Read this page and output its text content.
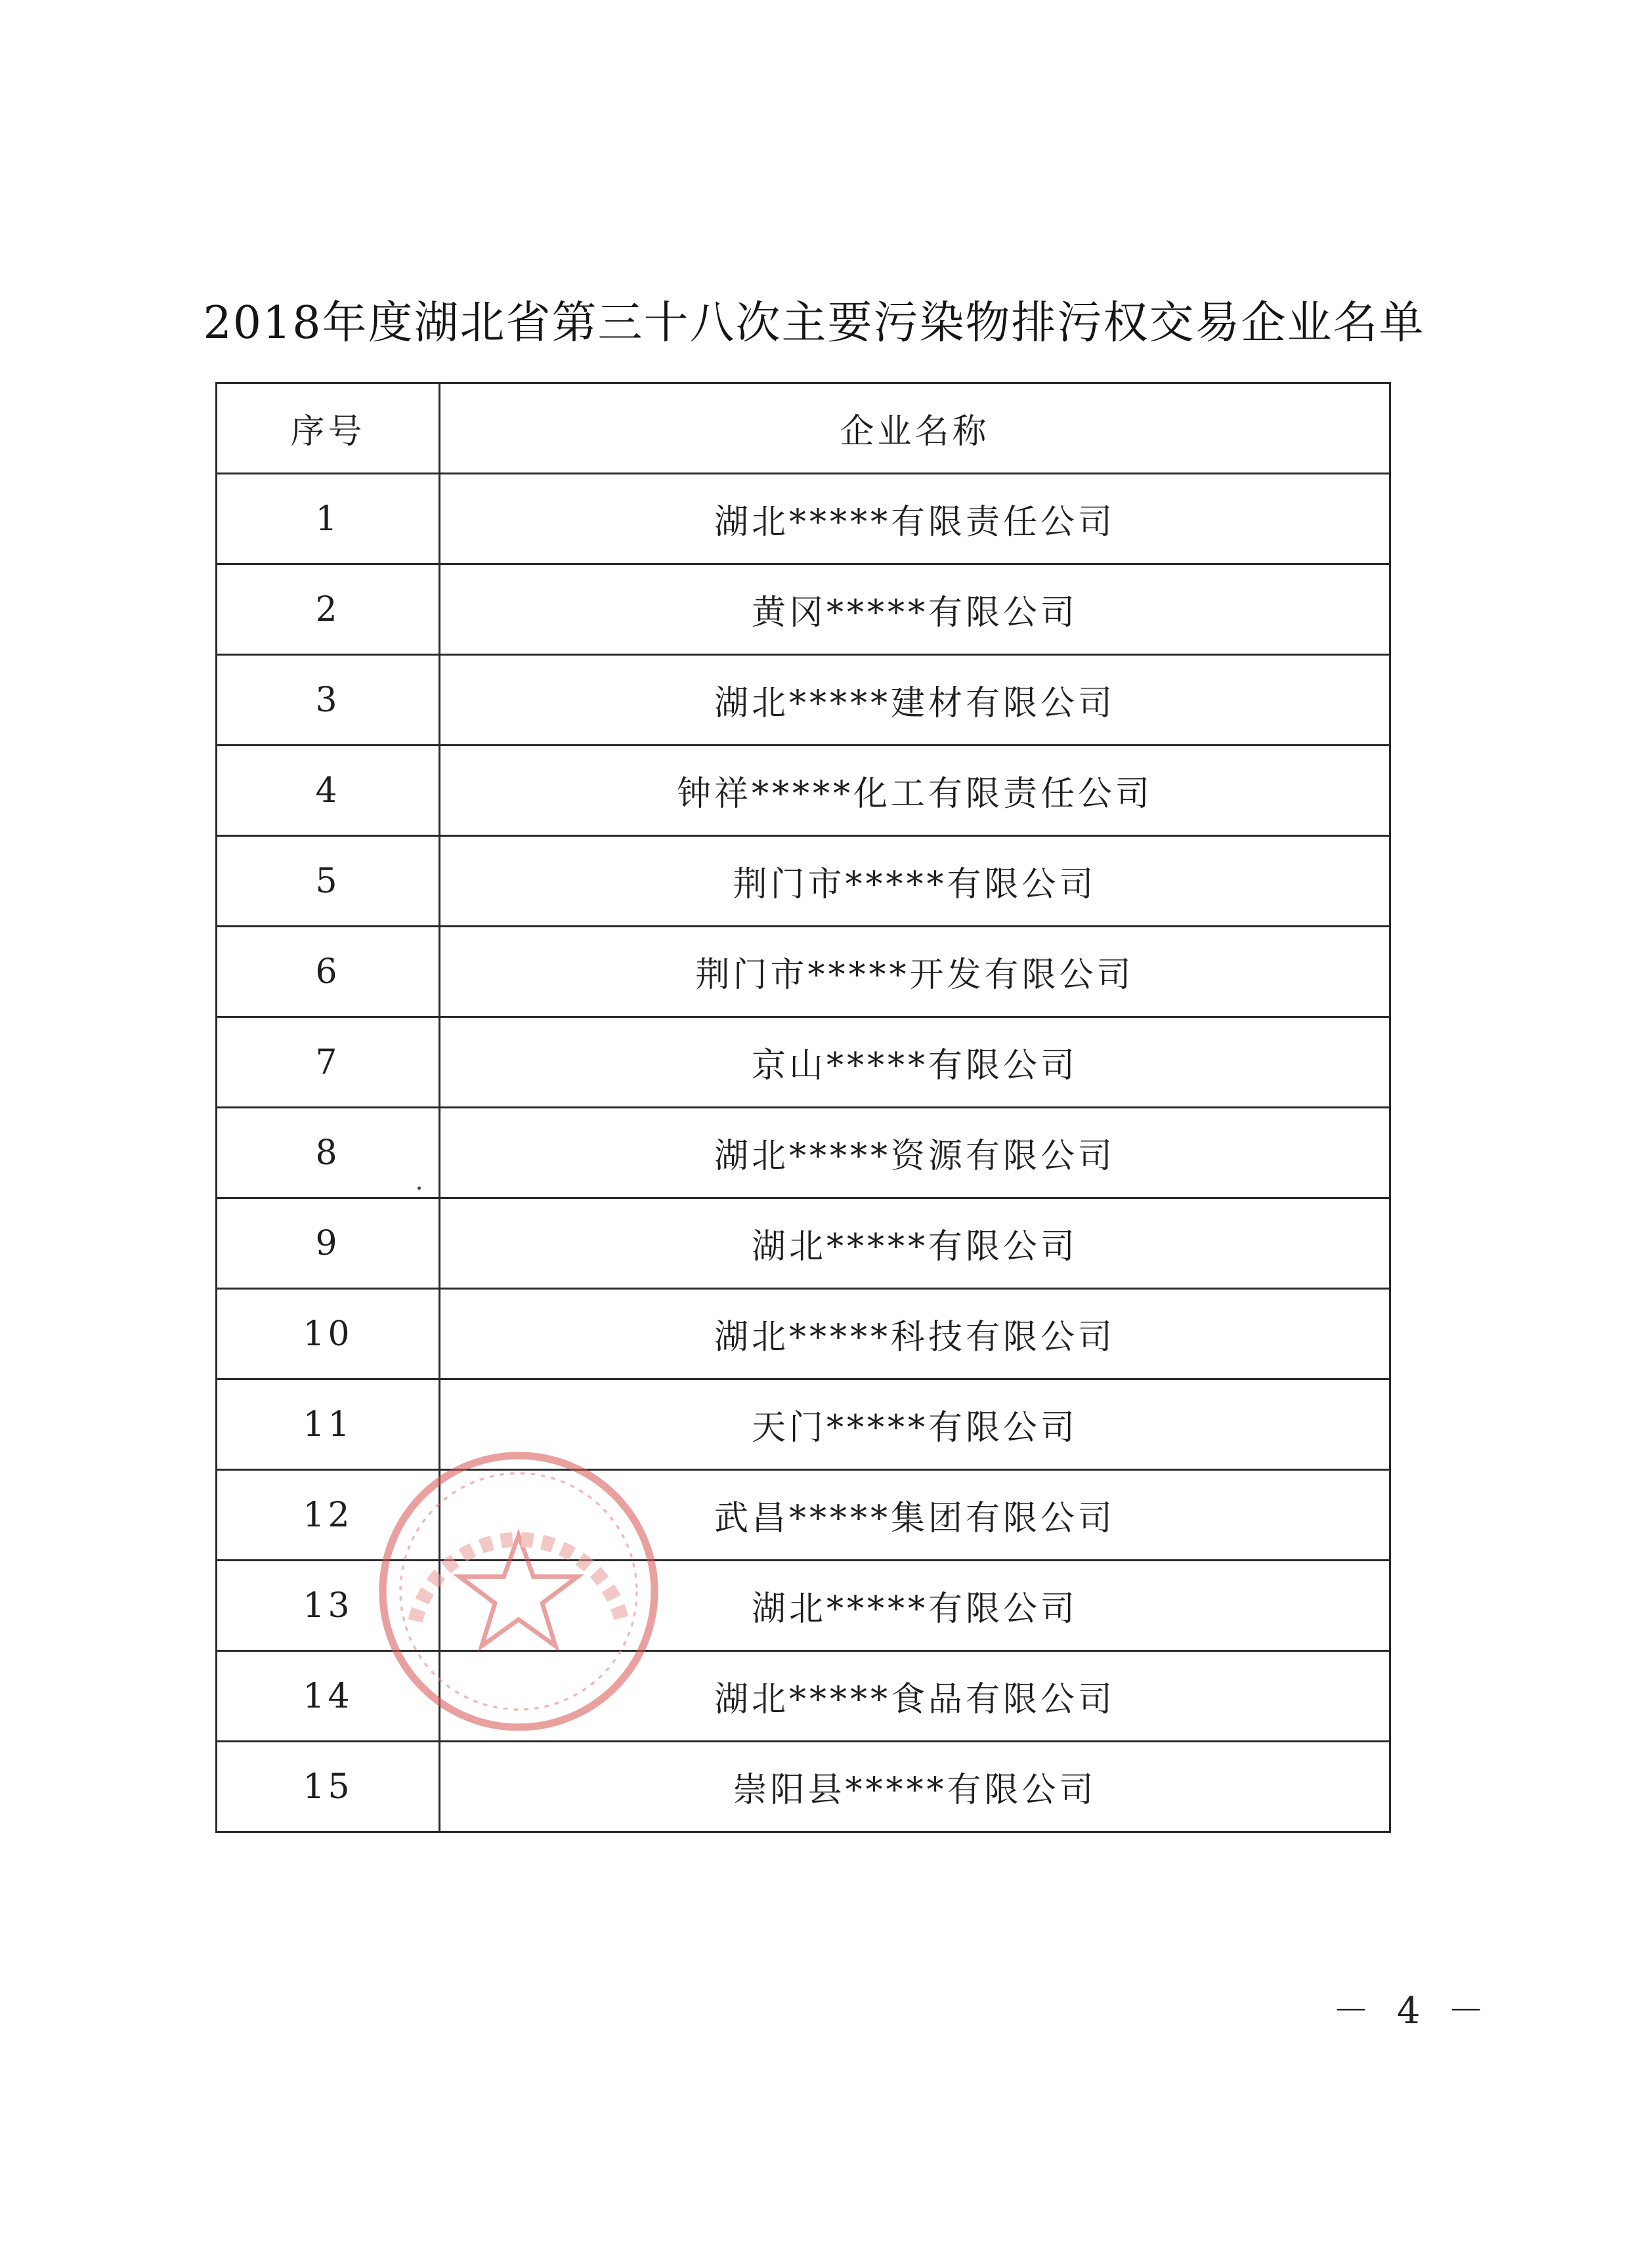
2018年度湖北省第三十八次主要污染物排污权交易企业名单
序号	企业名称
1	湖北*****有限责任公司
2	黄冈*****有限公司
3	湖北*****建材有限公司
4	钟祥*****化工有限责任公司
5	荆门市*****有限公司
6	荆门市*****开发有限公司
7	京山*****有限公司
8	湖北*****资源有限公司
9	湖北*****有限公司
10	湖北*****科技有限公司
11	天门*****有限公司
12	武昌*****集团有限公司
13	湖北*****有限公司
14	湖北*****食品有限公司
15	崇阳县*****有限公司
－ 4 －
